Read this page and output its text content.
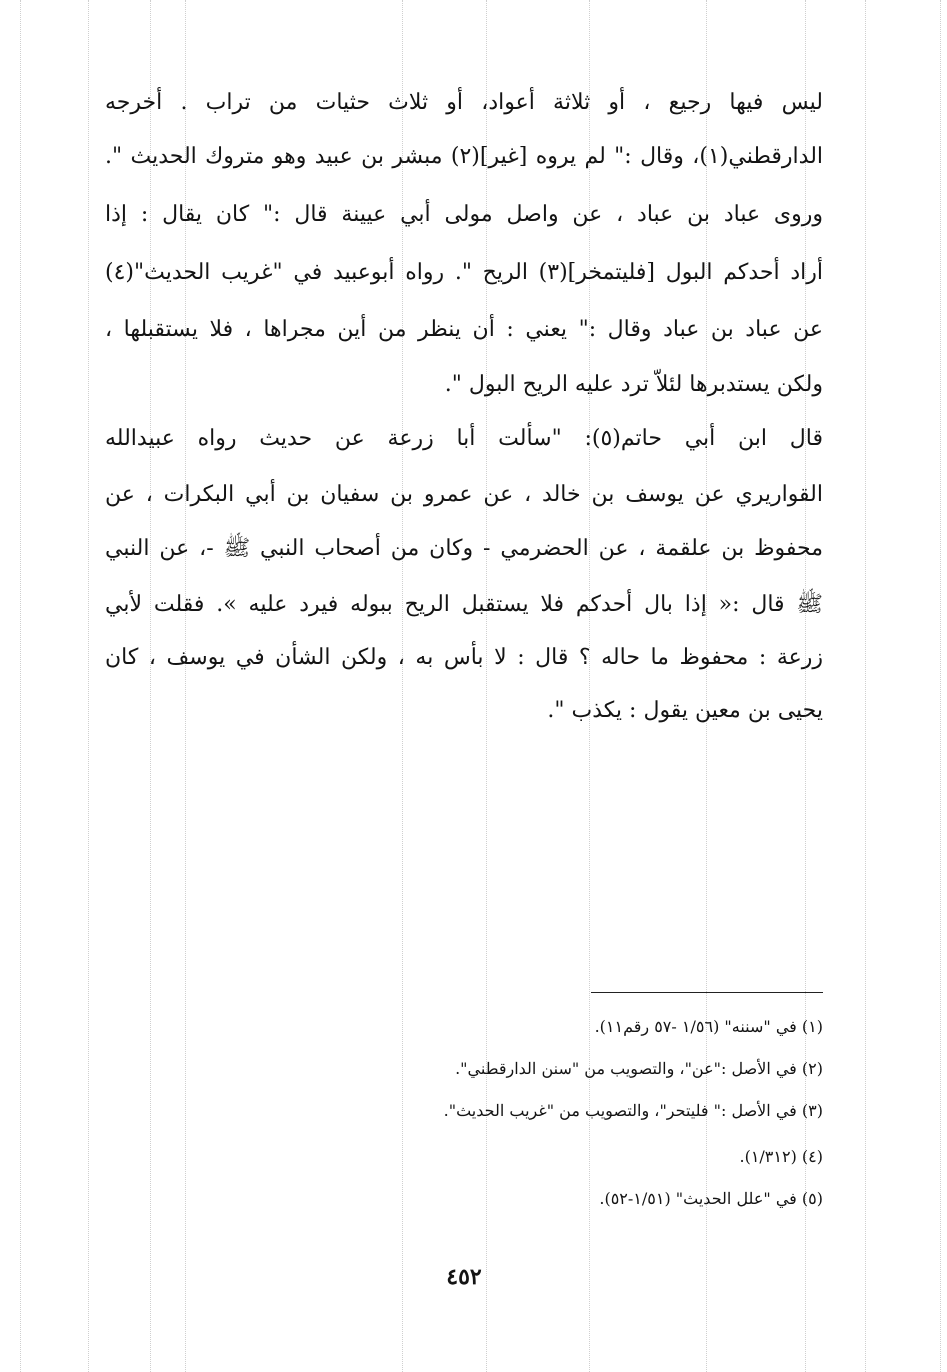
ليس فيها رجيع ، أو ثلاثة أعواد، أو ثلاث حثيات من تراب . أخرجه
الدارقطني(١)، وقال :" لم يروه [غير](٢) مبشر بن عبيد وهو متروك الحديث ".
وروى عباد بن عباد ، عن واصل مولى أبي عيينة قال :" كان يقال : إذا
أراد أحدكم البول [فليتمخر](٣) الريح ". رواه أبوعبيد في "غريب الحديث"(٤)
عن عباد بن عباد وقال :" يعني : أن ينظر من أين مجراها ، فلا يستقبلها ،
ولكن يستدبرها لئلاّ ترد عليه الريح البول ".
قال ابن أبي حاتم(٥): "سألت أبا زرعة عن حديث رواه عبيدالله
القواريري عن يوسف بن خالد ، عن عمرو بن سفيان بن أبي البكرات ، عن
محفوظ بن علقمة ، عن الحضرمي - وكان من أصحاب النبي ﷺ -، عن النبي
ﷺ قال :« إذا بال أحدكم فلا يستقبل الريح ببوله فيرد عليه ». فقلت لأبي
زرعة : محفوظ ما حاله ؟ قال : لا بأس به ، ولكن الشأن في يوسف ، كان
يحيى بن معين يقول : يكذب ".
(١) في "سننه" (١/٥٦ -٥٧ رقم١١).
(٢) في الأصل :"عن"، والتصويب من "سنن الدارقطني".
(٣) في الأصل :" فليتحر"، والتصويب من "غريب الحديث".
(٤) (١/٣١٢).
(٥) في "علل الحديث" (١/٥١-٥٢).
٤٥٢
